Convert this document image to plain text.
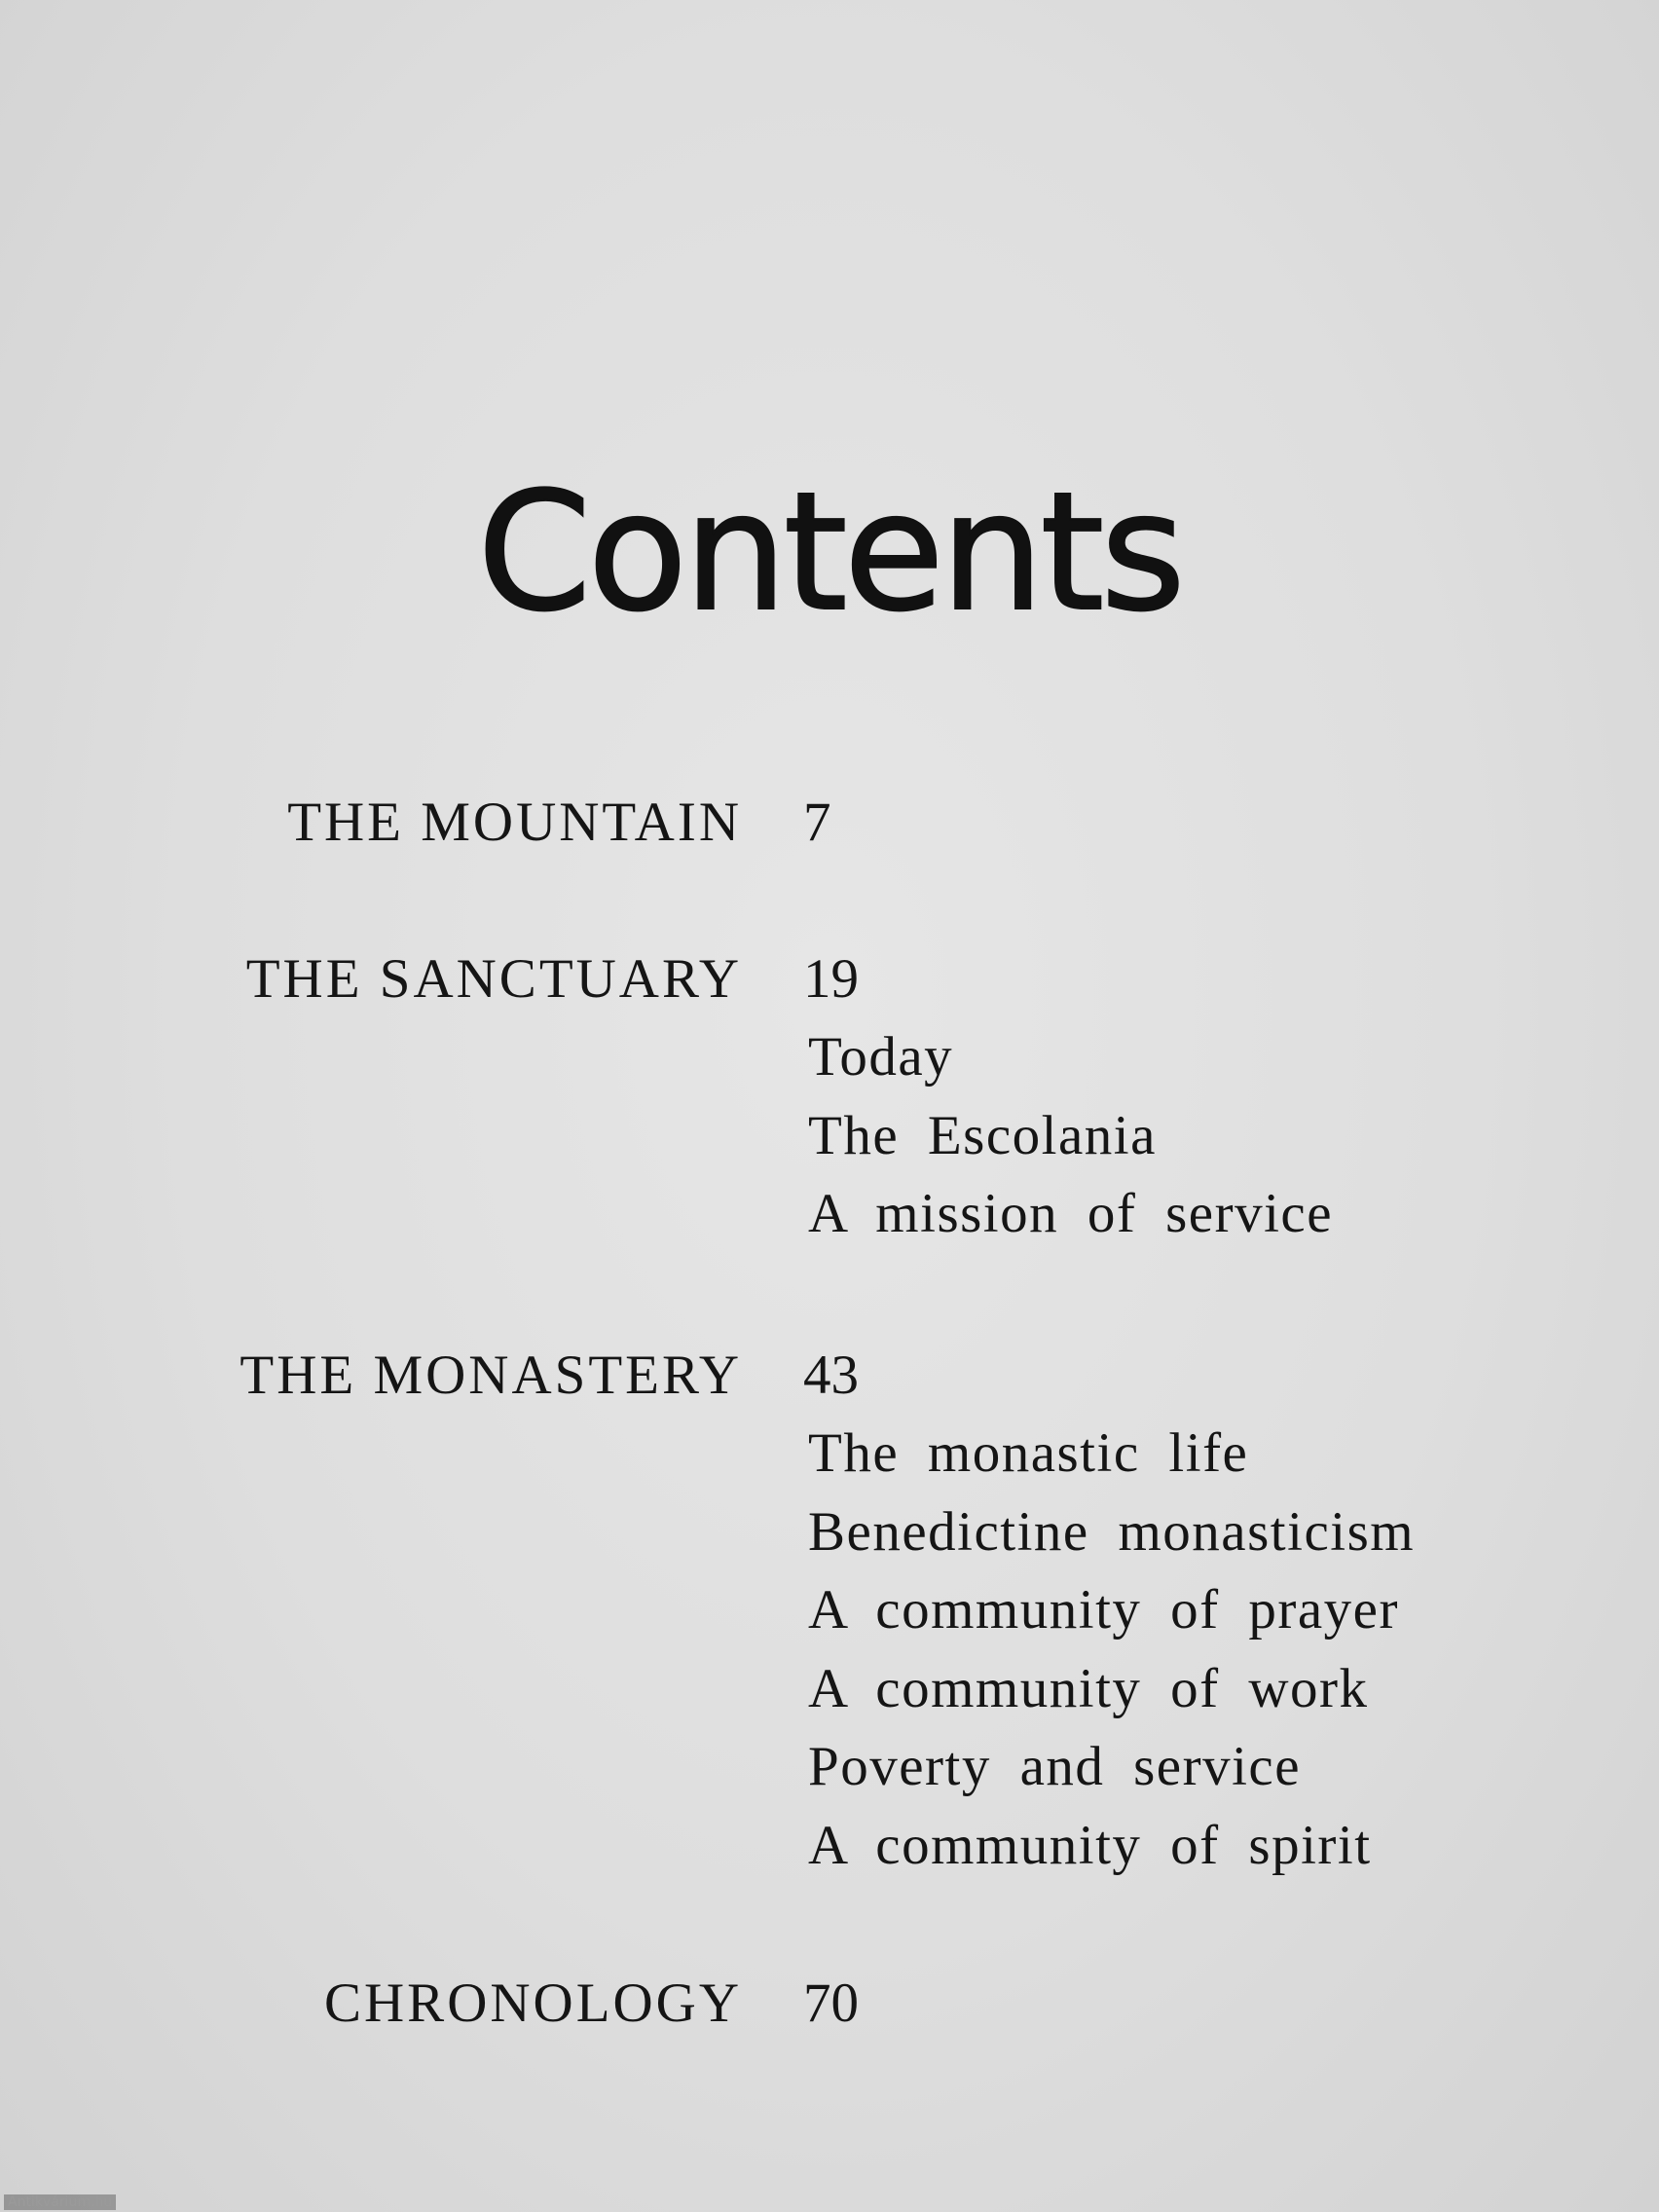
Contents
THE MOUNTAIN 7
THE SANCTUARY 19
Today
The Escolania
A mission of service
THE MONASTERY 43
The monastic life
Benedictine monasticism
A community of prayer
A community of work
Poverty and service
A community of spirit
CHRONOLOGY 70
Antikvárium.hu
